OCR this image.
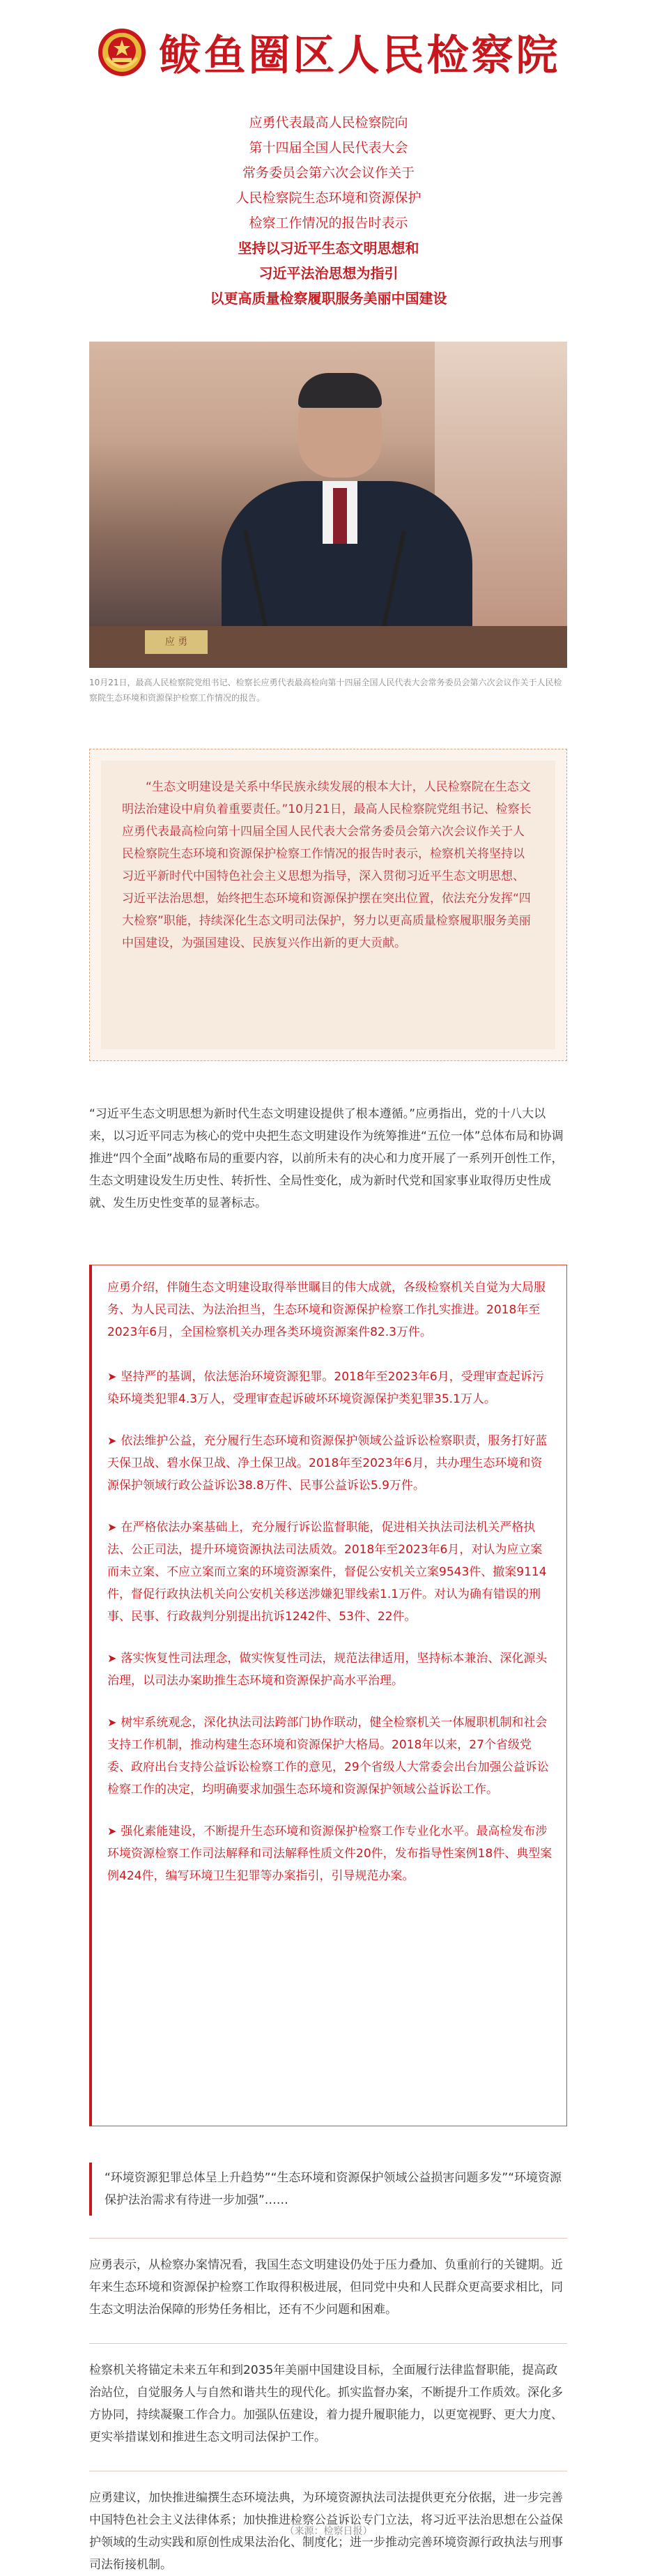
鲅鱼圈区人民检察院

应勇代表最高人民检察院向

第十四届全国人民代表大会

常务委员会第六次会议作关于

人民检察院生态环境和资源保护

检察工作情况的报告时表示

坚持以习近平生态文明思想和

习近平法治思想为指引

以更高质量检察履职服务美丽中国建设

应 勇
10月21日，最高人民检察院党组书记、检察长应勇代表最高检向第十四届全国人民代表大会常务委员会第六次会议作关于人民检察院生态环境和资源保护检察工作情况的报告。
“生态文明建设是关系中华民族永续发展的根本大计，人民检察院在生态文明法治建设中肩负着重要责任。”10月21日，最高人民检察院党组书记、检察长应勇代表最高检向第十四届全国人民代表大会常务委员会第六次会议作关于人民检察院生态环境和资源保护检察工作情况的报告时表示，检察机关将坚持以习近平新时代中国特色社会主义思想为指导，深入贯彻习近平生态文明思想、习近平法治思想，始终把生态环境和资源保护摆在突出位置，依法充分发挥“四大检察”职能，持续深化生态文明司法保护，努力以更高质量检察履职服务美丽中国建设，为强国建设、民族复兴作出新的更大贡献。

“习近平生态文明思想为新时代生态文明建设提供了根本遵循。”应勇指出，党的十八大以来，以习近平同志为核心的党中央把生态文明建设作为统筹推进“五位一体”总体布局和协调推进“四个全面”战略布局的重要内容，以前所未有的决心和力度开展了一系列开创性工作，生态文明建设发生历史性、转折性、全局性变化，成为新时代党和国家事业取得历史性成就、发生历史性变革的显著标志。

应勇介绍，伴随生态文明建设取得举世瞩目的伟大成就，各级检察机关自觉为大局服务、为人民司法、为法治担当，生态环境和资源保护检察工作扎实推进。2018年至2023年6月，全国检察机关办理各类环境资源案件82.3万件。
➤ 坚持严的基调，依法惩治环境资源犯罪。2018年至2023年6月，受理审查起诉污染环境类犯罪4.3万人，受理审查起诉破坏环境资源保护类犯罪35.1万人。
➤ 依法维护公益，充分履行生态环境和资源保护领域公益诉讼检察职责，服务打好蓝天保卫战、碧水保卫战、净土保卫战。2018年至2023年6月，共办理生态环境和资源保护领域行政公益诉讼38.8万件、民事公益诉讼5.9万件。
➤ 在严格依法办案基础上，充分履行诉讼监督职能，促进相关执法司法机关严格执法、公正司法，提升环境资源执法司法质效。2018年至2023年6月，对认为应立案而未立案、不应立案而立案的环境资源案件，督促公安机关立案9543件、撤案9114 件，督促行政执法机关向公安机关移送涉嫌犯罪线索1.1万件。对认为确有错误的刑事、民事、行政裁判分别提出抗诉1242件、53件、22件。
➤ 落实恢复性司法理念，做实恢复性司法，规范法律适用，坚持标本兼治、深化源头治理，以司法办案助推生态环境和资源保护高水平治理。
➤ 树牢系统观念，深化执法司法跨部门协作联动，健全检察机关一体履职机制和社会支持工作机制，推动构建生态环境和资源保护大格局。2018年以来，27个省级党委、政府出台支持公益诉讼检察工作的意见，29个省级人大常委会出台加强公益诉讼检察工作的决定，均明确要求加强生态环境和资源保护领域公益诉讼工作。
➤ 强化素能建设，不断提升生态环境和资源保护检察工作专业化水平。最高检发布涉环境资源检察工作司法解释和司法解释性质文件20件，发布指导性案例18件、典型案例424件，编写环境卫生犯罪等办案指引，引导规范办案。
“环境资源犯罪总体呈上升趋势”“生态环境和资源保护领域公益损害问题多发”“环境资源保护法治需求有待进一步加强”……

应勇表示，从检察办案情况看，我国生态文明建设仍处于压力叠加、负重前行的关键期。近年来生态环境和资源保护检察工作取得积极进展，但同党中央和人民群众更高要求相比，同生态文明法治保障的形势任务相比，还有不少问题和困难。

检察机关将锚定未来五年和到2035年美丽中国建设目标，全面履行法律监督职能，提高政治站位，自觉服务人与自然和谐共生的现代化。抓实监督办案，不断提升工作质效。深化多方协同，持续凝聚工作合力。加强队伍建设，着力提升履职能力，以更宽视野、更大力度、更实举措谋划和推进生态文明司法保护工作。

应勇建议，加快推进编撰生态环境法典，为环境资源执法司法提供更充分依据，进一步完善中国特色社会主义法律体系；加快推进检察公益诉讼专门立法，将习近平法治思想在公益保护领域的生动实践和原创性成果法治化、制度化；进一步推动完善环境资源行政执法与刑事司法衔接机制。

（来源：检察日报）
